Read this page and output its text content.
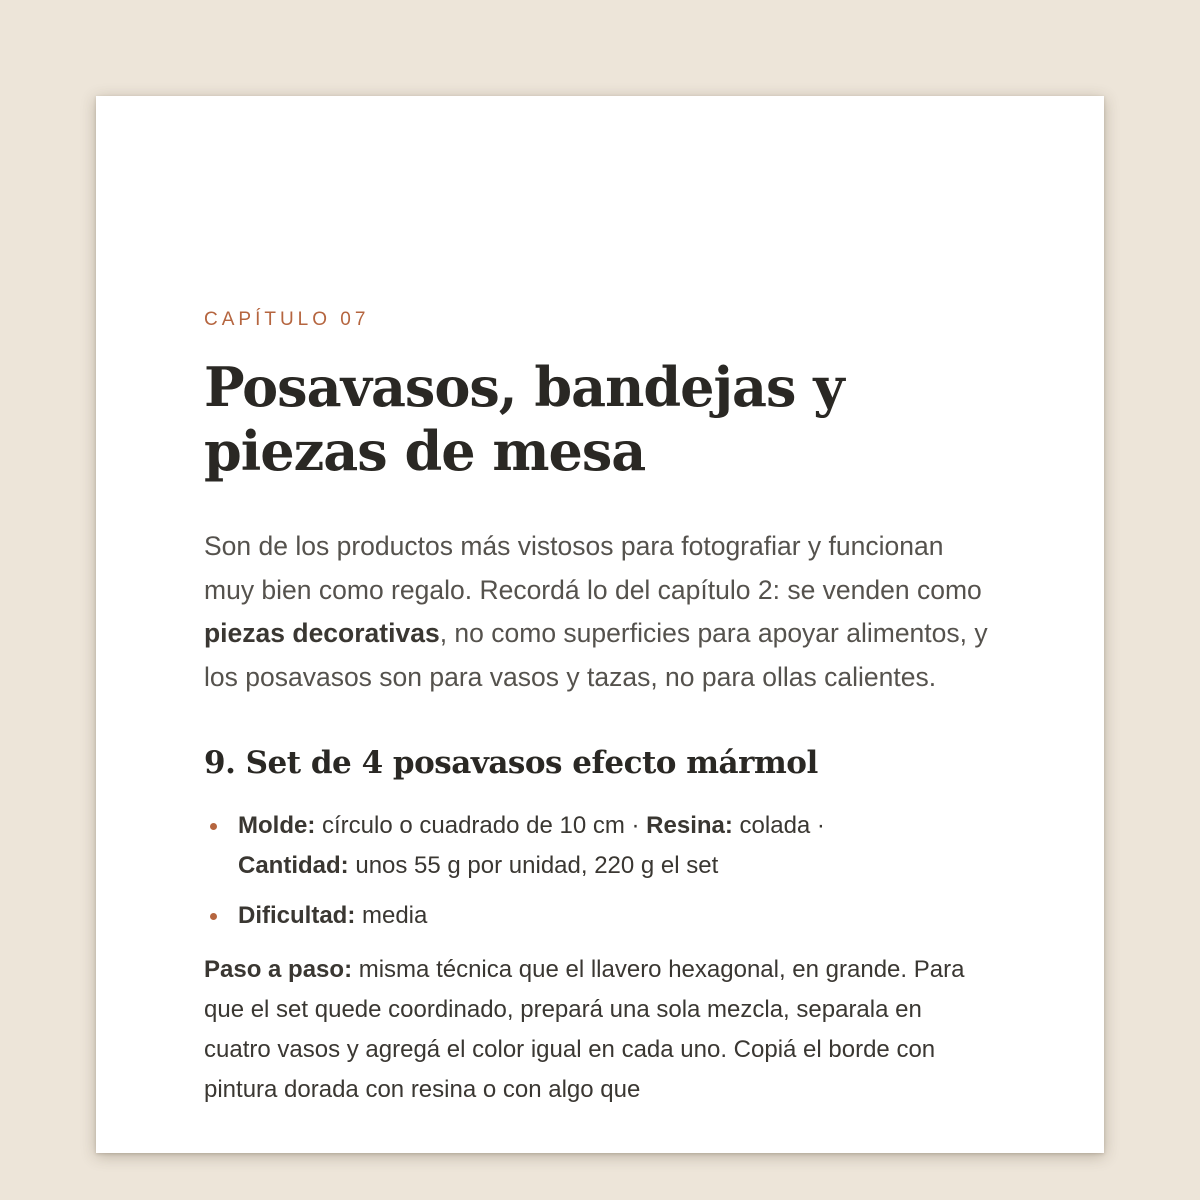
CAPÍTULO 07

Posavasos, bandejas y piezas de mesa

Son de los productos más vistosos para fotografiar y funcionan muy bien como regalo. Recordá lo del capítulo 2: se venden como piezas decorativas, no como superficies para apoyar alimentos, y los posavasos son para vasos y tazas, no para ollas calientes.

9. Set de 4 posavasos efecto mármol
Molde: círculo o cuadrado de 10 cm · Resina: colada ·
Cantidad: unos 55 g por unidad, 220 g el set
Dificultad: media

Paso a paso: misma técnica que el llavero hexagonal, en grande. Para que el set quede coordinado, prepará una sola mezcla, separala en cuatro vasos y agregá el color igual en cada uno. Copiá el borde con pintura dorada con resina o con algo que
